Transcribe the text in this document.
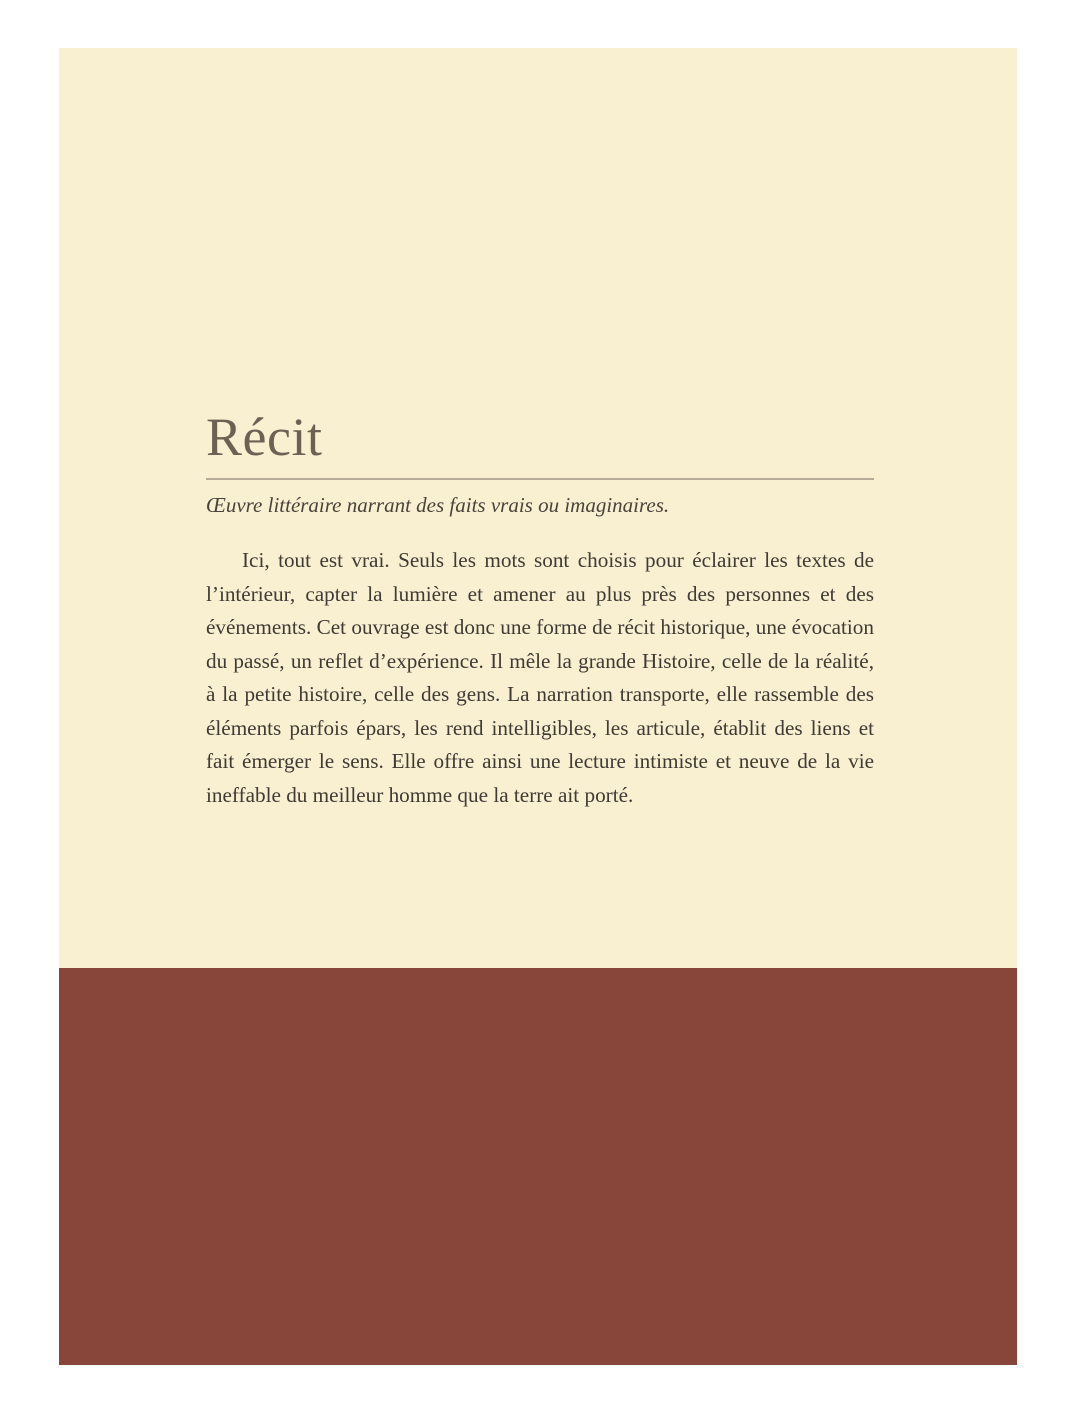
Récit

Œuvre littéraire narrant des faits vrais ou imaginaires.

Ici, tout est vrai. Seuls les mots sont choisis pour éclairer les textes de l’intérieur, capter la lumière et amener au plus près des personnes et des événements. Cet ouvrage est donc une forme de récit historique, une évocation du passé, un reflet d’expérience. Il mêle la grande Histoire, celle de la réalité, à la petite histoire, celle des gens. La narration transporte, elle rassemble des éléments parfois épars, les rend intelligibles, les articule, établit des liens et fait émerger le sens. Elle offre ainsi une lecture intimiste et neuve de la vie ineffable du meilleur homme que la terre ait porté.
